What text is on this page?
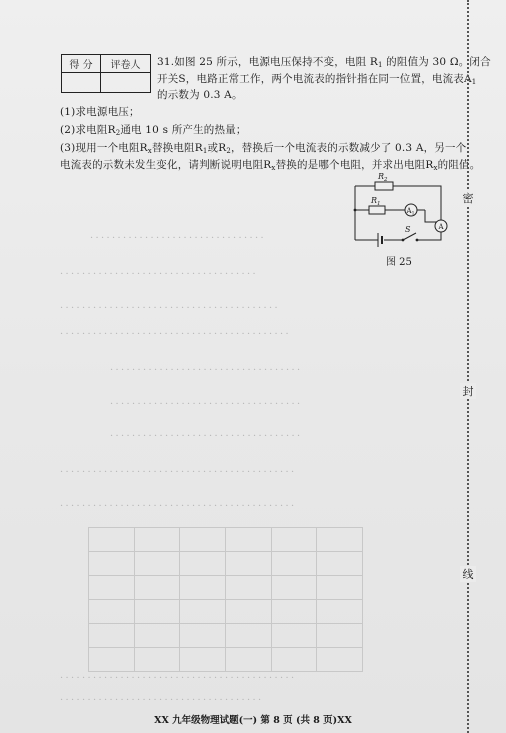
．．．．．．．．．．．．．．．．．．．．．．．．．．．．．．．．
．．．．．．．．．．．．．．．．．．．．．．．．．．．．．．．．．．．．
．．．．．．．．．．．．．．．．．．．．．．．．．．．．．．．．．．．．．．．．
．．．．．．．．．．．．．．．．．．．．．．．．．．．．．．．．．．．．．．．．．．
．．．．．．．．．．．．．．．．．．．．．．．．．．．．．．．．．．．
．．．．．．．．．．．．．．．．．．．．．．．．．．．．．．．．．．．
．．．．．．．．．．．．．．．．．．．．．．．．．．．．．．．．．．．
．．．．．．．．．．．．．．．．．．．．．．．．．．．．．．．．．．．．．．．．．．．
．．．．．．．．．．．．．．．．．．．．．．．．．．．．．．．．．．．．．．．．．．．

．．．．．．．．．．．．．．．．．．．．．．．．．．．．．．．．．．．．．．．．．．．
．．．．．．．．．．．．．．．．．．．．．．．．．．．．．．．．．．．．．
得 分	评卷人
	31.如图 25 所示，电源电压保持不变，电阻 $R_1$ 的阻值为 30 Ω。闭合
开关S，电路正常工作，两个电流表的指针指在同一位置，电流表$A_1$
的示数为 0.3 A。
(1)求电源电压；
(2)求电阻$R_2$通电 10 s 所产生的热量；
(3)现用一个电阻$R_x$替换电阻$R_1$或$R_2$，替换后一个电流表的示数减少了 0.3 A，另一个
电流表的示数未发生变化，请判断说明电阻$R_x$替换的是哪个电阻，并求出电阻$R_x$的阻值。
$R_2$
$R_1$
$A_1$
A
S
图 25
密
封
线
XX 九年级物理试题(一) 第 8 页 (共 8 页)XX
